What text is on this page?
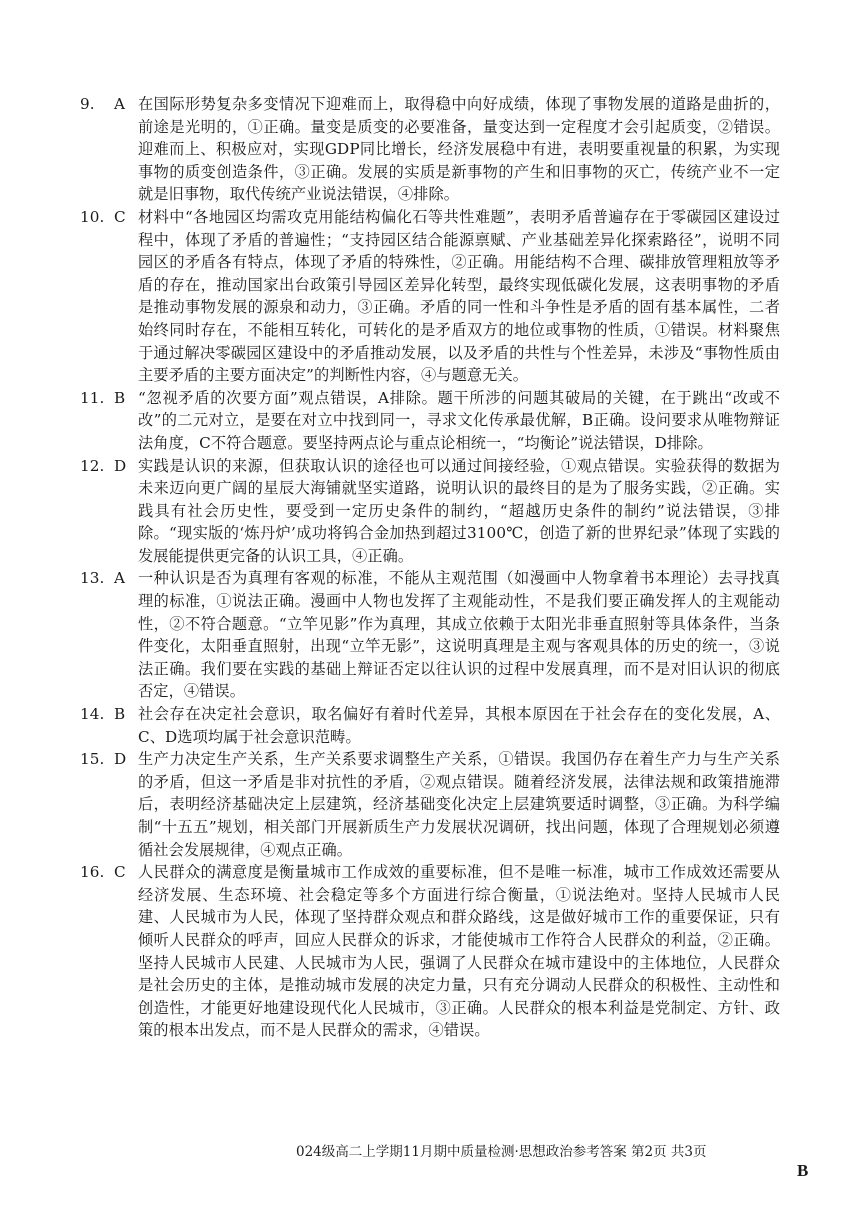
9.	A 在国际形势复杂多变情况下迎难而上，取得稳中向好成绩，体现了事物发展的道路是曲折的，前途是光明的，①正确。量变是质变的必要准备，量变达到一定程度才会引起质变，②错误。迎难而上、积极应对，实现GDP同比增长，经济发展稳中有进，表明要重视量的积累，为实现事物的质变创造条件，③正确。发展的实质是新事物的产生和旧事物的灭亡，传统产业不一定就是旧事物，取代传统产业说法错误，④排除。
10. C 材料中“各地园区均需攻克用能结构偏化石等共性难题”，表明矛盾普遍存在于零碳园区建设过程中，体现了矛盾的普遍性；“支持园区结合能源禀赋、产业基础差异化探索路径”，说明不同园区的矛盾各有特点，体现了矛盾的特殊性，②正确。用能结构不合理、碳排放管理粗放等矛盾的存在，推动国家出台政策引导园区差异化转型，最终实现低碳化发展，这表明事物的矛盾是推动事物发展的源泉和动力，③正确。矛盾的同一性和斗争性是矛盾的固有基本属性，二者始终同时存在，不能相互转化，可转化的是矛盾双方的地位或事物的性质，①错误。材料聚焦于通过解决零碳园区建设中的矛盾推动发展，以及矛盾的共性与个性差异，未涉及“事物性质由主要矛盾的主要方面决定”的判断性内容，④与题意无关。
11. B “忽视矛盾的次要方面”观点错误，A排除。题干所涉的问题其破局的关键，在于跳出“改或不改”的二元对立，是要在对立中找到同一，寻求文化传承最优解，B正确。设问要求从唯物辩证法角度，C不符合题意。要坚持两点论与重点论相统一，“均衡论”说法错误，D排除。
12. D 实践是认识的来源，但获取认识的途径也可以通过间接经验，①观点错误。实验获得的数据为未来迈向更广阔的星辰大海铺就坚实道路，说明认识的最终目的是为了服务实践，②正确。实践具有社会历史性，要受到一定历史条件的制约，“超越历史条件的制约”说法错误，③排除。“现实版的‘炼丹炉’成功将钨合金加热到超过3100℃，创造了新的世界纪录”体现了实践的发展能提供更完备的认识工具，④正确。
13. A 一种认识是否为真理有客观的标准，不能从主观范围（如漫画中人物拿着书本理论）去寻找真理的标准，①说法正确。漫画中人物也发挥了主观能动性，不是我们要正确发挥人的主观能动性，②不符合题意。“立竿见影”作为真理，其成立依赖于太阳光非垂直照射等具体条件，当条件变化，太阳垂直照射，出现“立竿无影”，这说明真理是主观与客观具体的历史的统一，③说法正确。我们要在实践的基础上辩证否定以往认识的过程中发展真理，而不是对旧认识的彻底否定，④错误。
14. B 社会存在决定社会意识，取名偏好有着时代差异，其根本原因在于社会存在的变化发展，A、C、D选项均属于社会意识范畴。
15. D 生产力决定生产关系，生产关系要求调整生产关系，①错误。我国仍存在着生产力与生产关系的矛盾，但这一矛盾是非对抗性的矛盾，②观点错误。随着经济发展，法律法规和政策措施滞后，表明经济基础决定上层建筑，经济基础变化决定上层建筑要适时调整，③正确。为科学编制“十五五”规划，相关部门开展新质生产力发展状况调研，找出问题，体现了合理规划必须遵循社会发展规律，④观点正确。
16. C 人民群众的满意度是衡量城市工作成效的重要标准，但不是唯一标准，城市工作成效还需要从经济发展、生态环境、社会稳定等多个方面进行综合衡量，①说法绝对。坚持人民城市人民建、人民城市为人民，体现了坚持群众观点和群众路线，这是做好城市工作的重要保证，只有倾听人民群众的呼声，回应人民群众的诉求，才能使城市工作符合人民群众的利益，②正确。坚持人民城市人民建、人民城市为人民，强调了人民群众在城市建设中的主体地位，人民群众是社会历史的主体，是推动城市发展的决定力量，只有充分调动人民群众的积极性、主动性和创造性，才能更好地建设现代化人民城市，③正确。人民群众的根本利益是党制定、方针、政策的根本出发点，而不是人民群众的需求，④错误。
024级高二上学期11月期中质量检测·思想政治参考答案 第2页 共3页
B
